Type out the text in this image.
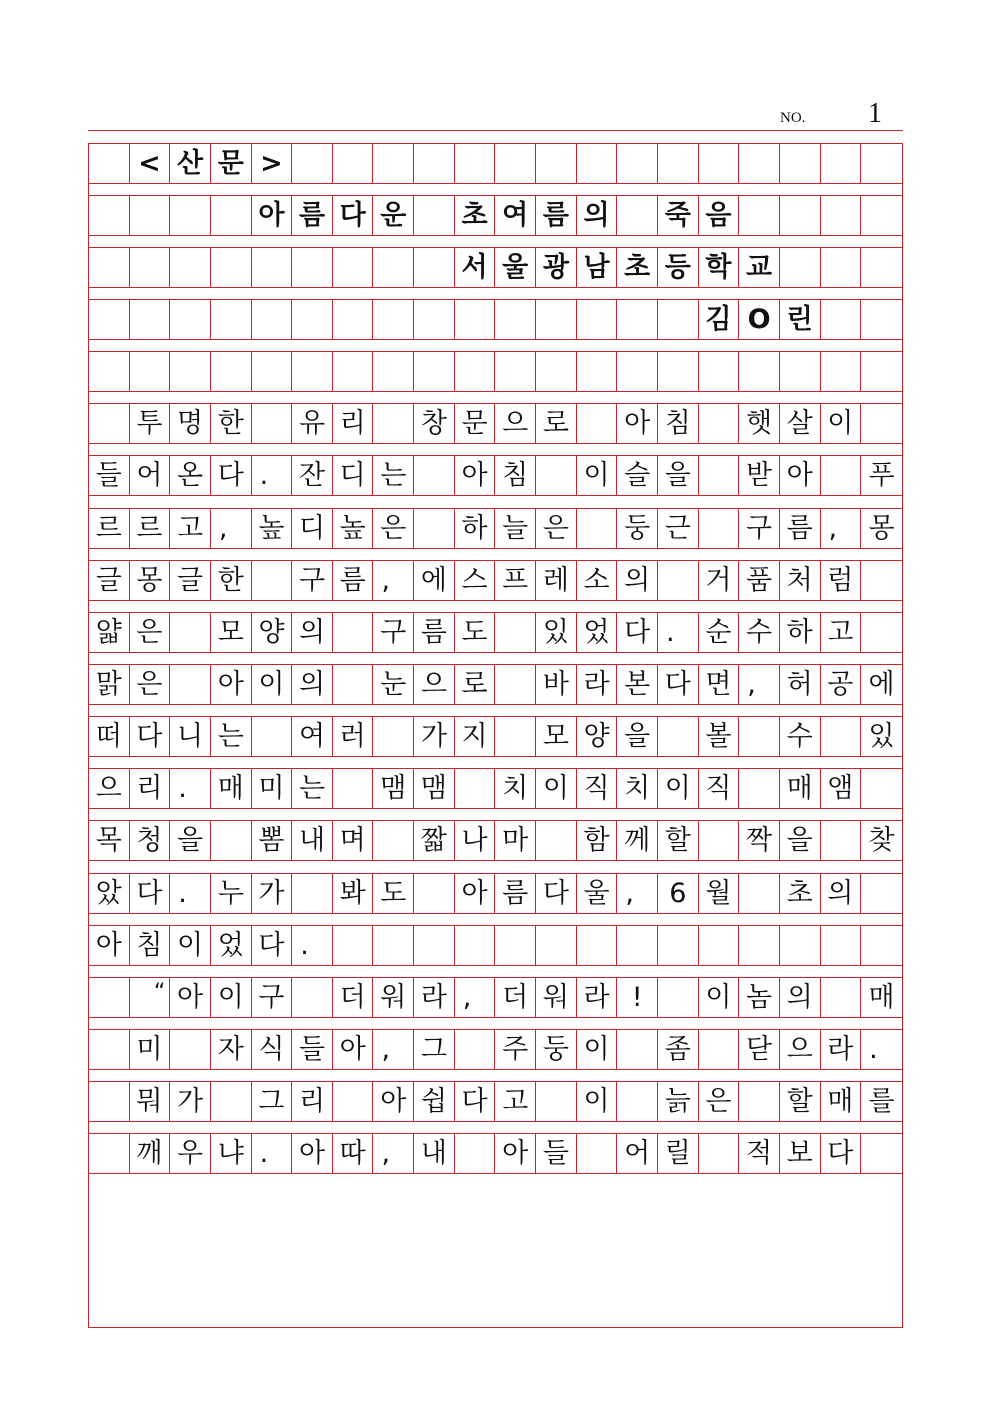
NO. 1
< 산 문 >
아 름 다 운 초 여 름 의 죽 음
서 울 광 남 초 등 학 교
김 O 린
투 명 한 유 리 창 문 으 로 아 침 햇 살 이
들 어 온 다 .	잔 디 는 아 침 이 슬 을 받 아 푸
르 르 고 ,	높 디 높 은 하 늘 은 둥 근 구 름 ,	몽
글 몽 글 한 구 름 ,	에 스 프 레 소 의 거 품 처 럼
얇 은 모 양 의 구 름 도 있 었 다 .	순 수 하 고
맑 은 아 이 의 눈 으 로 바 라 본 다 면 ,	허 공 에
떠 다 니 는 여 러 가 지 모 양 을 볼 수 있
으 리 .	매 미 는 맴 맴 치 이 직 치 이 직 매 앰
목 청 을 뽐 내 며 짧 나 마 함 께 할 짝 을 찾
았 다 .	누 가 봐 도 아 름 다 울 ,	6 월 초 의
아 침 이 었 다 .
“ 아 이 구 더 워 라 ,	더 워 라 !	이 놈 의 매
미 자 식 들 아 ,	그 주 둥 이 좀 닫 으 라 .
뭐 가 그 리 아 쉽 다 고 이 늙 은 할 매 를
깨 우 냐 .	아 따 ,	내 아 들 어 릴 적 보 다
